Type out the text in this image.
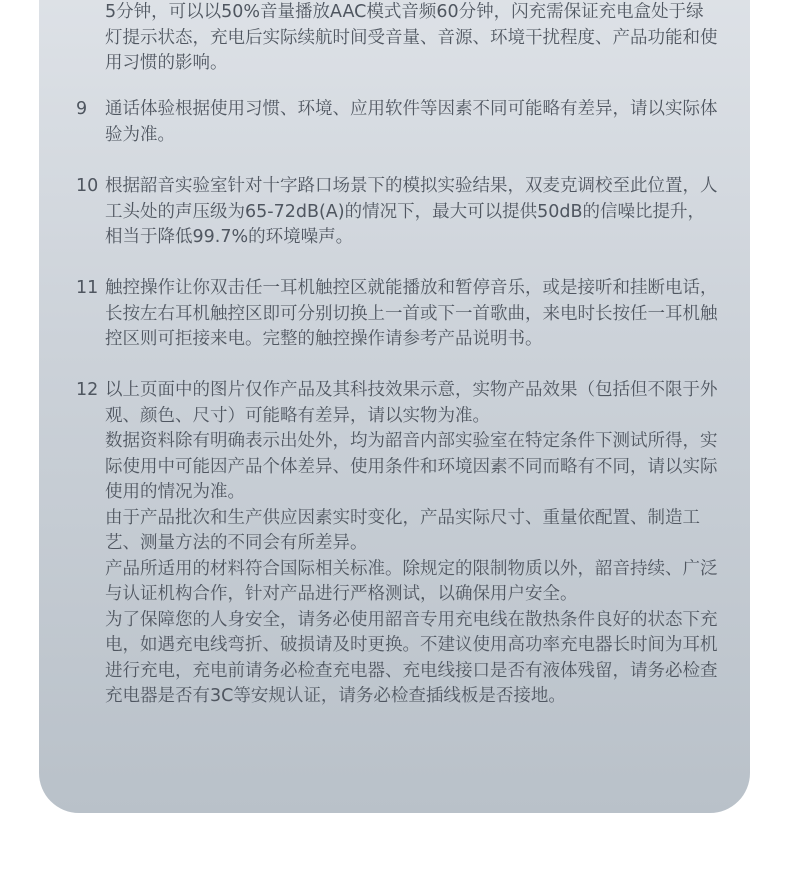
5分钟，可以以50%音量播放AAC模式音频60分钟，闪充需保证充电盒处于绿灯提示状态，充电后实际续航时间受音量、音源、环境干扰程度、产品功能和使用习惯的影响。

9	通话体验根据使用习惯、环境、应用软件等因素不同可能略有差异，请以实际体验为准。

10 根据韶音实验室针对十字路口场景下的模拟实验结果，双麦克调校至此位置，人工头处的声压级为65-72dB(A)的情况下，最大可以提供50dB的信噪比提升，相当于降低99.7%的环境噪声。

11 触控操作让你双击任一耳机触控区就能播放和暂停音乐，或是接听和挂断电话，长按左右耳机触控区即可分别切换上一首或下一首歌曲，来电时长按任一耳机触控区则可拒接来电。完整的触控操作请参考产品说明书。

12 以上页面中的图片仅作产品及其科技效果示意，实物产品效果（包括但不限于外观、颜色、尺寸）可能略有差异，请以实物为准。

数据资料除有明确表示出处外，均为韶音内部实验室在特定条件下测试所得，实际使用中可能因产品个体差异、使用条件和环境因素不同而略有不同，请以实际使用的情况为准。

由于产品批次和生产供应因素实时变化，产品实际尺寸、重量依配置、制造工艺、测量方法的不同会有所差异。

产品所适用的材料符合国际相关标准。除规定的限制物质以外，韶音持续、广泛与认证机构合作，针对产品进行严格测试，以确保用户安全。

为了保障您的人身安全，请务必使用韶音专用充电线在散热条件良好的状态下充电，如遇充电线弯折、破损请及时更换。不建议使用高功率充电器长时间为耳机进行充电，充电前请务必检查充电器、充电线接口是否有液体残留，请务必检查充电器是否有3C等安规认证，请务必检查插线板是否接地。
